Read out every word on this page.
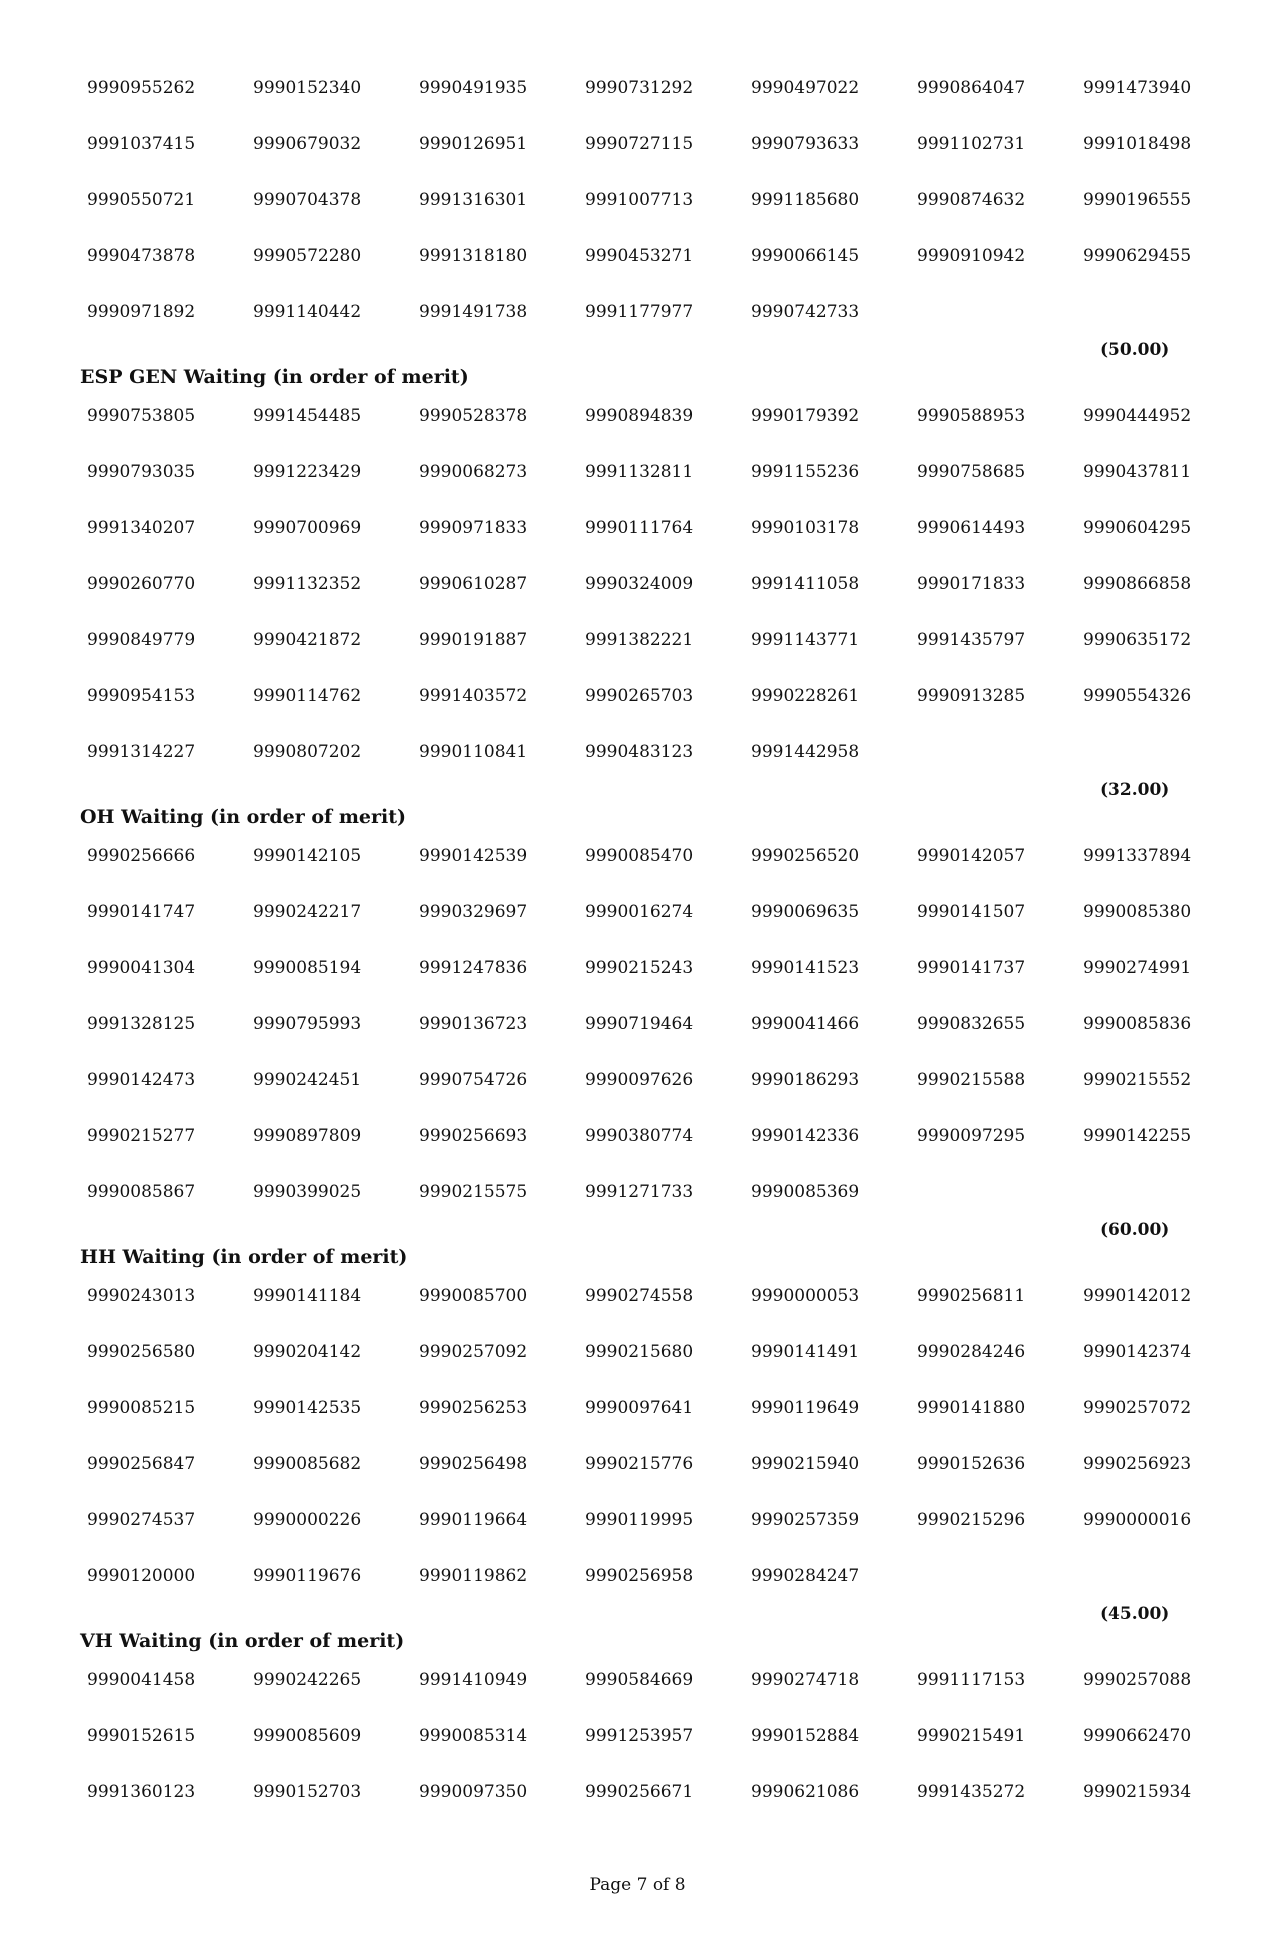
9990955262	9990152340	9990491935	9990731292	9990497022	9990864047	9991473940
9991037415	9990679032	9990126951	9990727115	9990793633	9991102731	9991018498
9990550721	9990704378	9991316301	9991007713	9991185680	9990874632	9990196555
9990473878	9990572280	9991318180	9990453271	9990066145	9990910942	9990629455
9990971892	9991140442	9991491738	9991177977	9990742733
(50.00)
ESP GEN Waiting (in order of merit)
9990753805	9991454485	9990528378	9990894839	9990179392	9990588953	9990444952
9990793035	9991223429	9990068273	9991132811	9991155236	9990758685	9990437811
9991340207	9990700969	9990971833	9990111764	9990103178	9990614493	9990604295
9990260770	9991132352	9990610287	9990324009	9991411058	9990171833	9990866858
9990849779	9990421872	9990191887	9991382221	9991143771	9991435797	9990635172
9990954153	9990114762	9991403572	9990265703	9990228261	9990913285	9990554326
9991314227	9990807202	9990110841	9990483123	9991442958
(32.00)
OH Waiting (in order of merit)
9990256666	9990142105	9990142539	9990085470	9990256520	9990142057	9991337894
9990141747	9990242217	9990329697	9990016274	9990069635	9990141507	9990085380
9990041304	9990085194	9991247836	9990215243	9990141523	9990141737	9990274991
9991328125	9990795993	9990136723	9990719464	9990041466	9990832655	9990085836
9990142473	9990242451	9990754726	9990097626	9990186293	9990215588	9990215552
9990215277	9990897809	9990256693	9990380774	9990142336	9990097295	9990142255
9990085867	9990399025	9990215575	9991271733	9990085369
(60.00)
HH Waiting (in order of merit)
9990243013	9990141184	9990085700	9990274558	9990000053	9990256811	9990142012
9990256580	9990204142	9990257092	9990215680	9990141491	9990284246	9990142374
9990085215	9990142535	9990256253	9990097641	9990119649	9990141880	9990257072
9990256847	9990085682	9990256498	9990215776	9990215940	9990152636	9990256923
9990274537	9990000226	9990119664	9990119995	9990257359	9990215296	9990000016
9990120000	9990119676	9990119862	9990256958	9990284247
(45.00)
VH Waiting (in order of merit)
9990041458	9990242265	9991410949	9990584669	9990274718	9991117153	9990257088
9990152615	9990085609	9990085314	9991253957	9990152884	9990215491	9990662470
9991360123	9990152703	9990097350	9990256671	9990621086	9991435272	9990215934
Page 7 of 8
